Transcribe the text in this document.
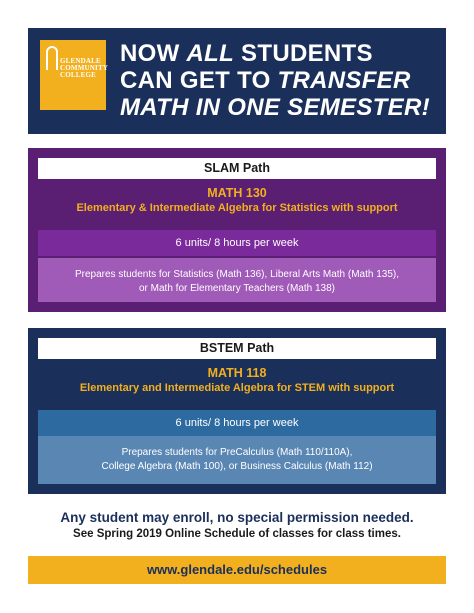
GLENDALE
COMMUNITY
COLLEGE
NOW ALL STUDENTS
CAN GET TO TRANSFER
MATH IN ONE SEMESTER!
SLAM Path
MATH 130
Elementary & Intermediate Algebra for Statistics with support
6 units/ 8 hours per week
Prepares students for Statistics (Math 136), Liberal Arts Math (Math 135),
or Math for Elementary Teachers (Math 138)
BSTEM Path
MATH 118
Elementary and Intermediate Algebra for STEM with support
6 units/ 8 hours per week
Prepares students for PreCalculus (Math 110/110A),
College Algebra (Math 100), or Business Calculus (Math 112)
Any student may enroll, no special permission needed.
See Spring 2019 Online Schedule of classes for class times.
www.glendale.edu/schedules
